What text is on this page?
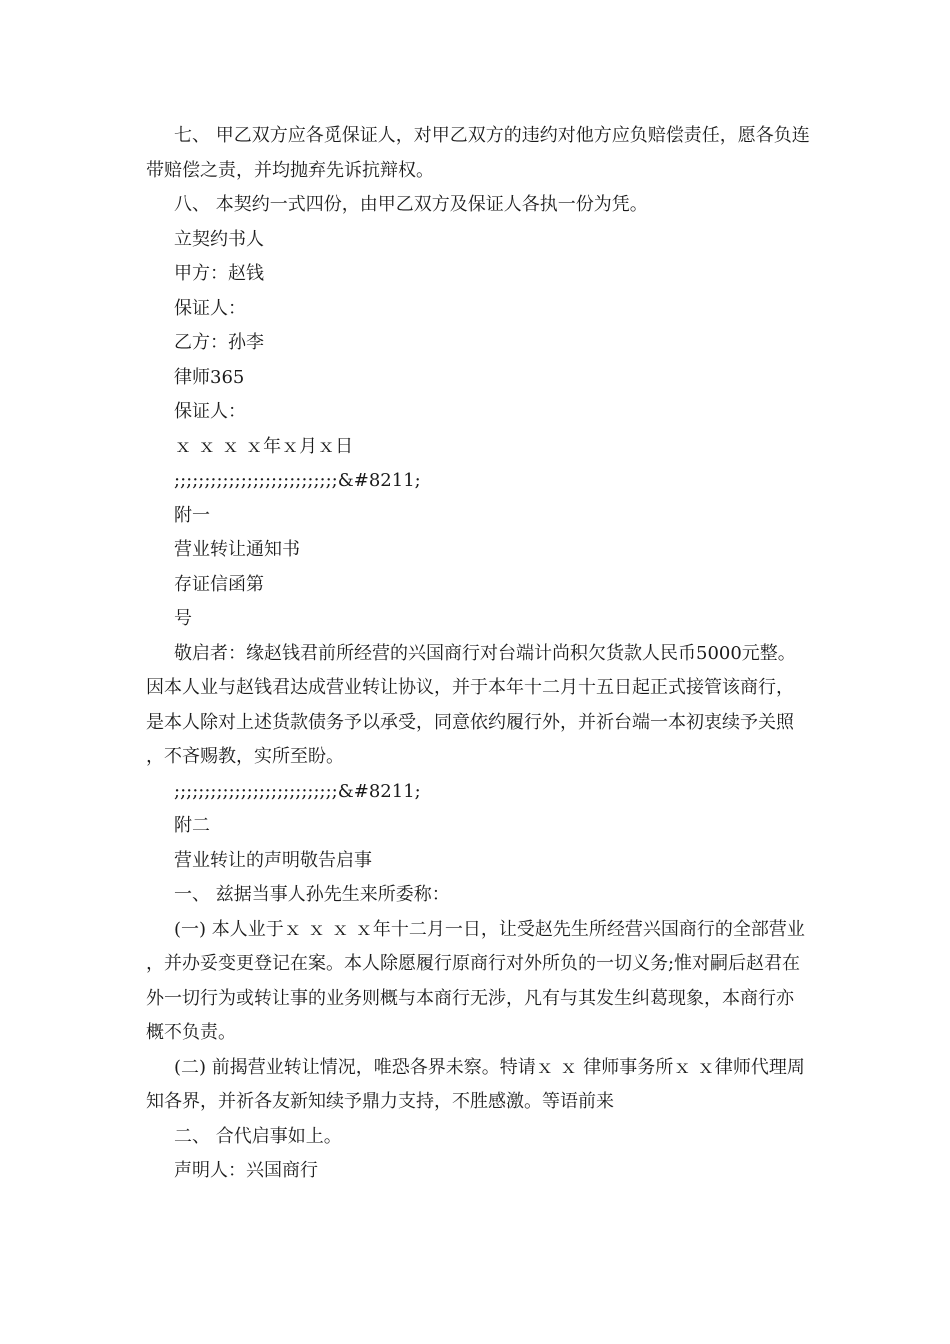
七、 甲乙双方应各觅保证人，对甲乙双方的违约对他方应负赔偿责任，愿各负连带赔偿之责，并均抛弃先诉抗辩权。

八、 本契约一式四份，由甲乙双方及保证人各执一份为凭。

立契约书人

甲方：赵钱

保证人：

乙方：孙李

律师365

保证人：

ｘ ｘ ｘ ｘ年ｘ月ｘ日

;;;;;;;;;;;;;;;;;;;;;;;;;;;&#8211;

附一

营业转让通知书

存证信函第

号

敬启者：缘赵钱君前所经营的兴国商行对台端计尚积欠货款人民币5000元整。因本人业与赵钱君达成营业转让协议，并于本年十二月十五日起正式接管该商行，是本人除对上述货款债务予以承受，同意依约履行外，并祈台端一本初衷续予关照，不吝赐教，实所至盼。

;;;;;;;;;;;;;;;;;;;;;;;;;;;&#8211;

附二

营业转让的声明敬告启事

一、 兹据当事人孙先生来所委称：

(一) 本人业于ｘ ｘ ｘ ｘ年十二月一日，让受赵先生所经营兴国商行的全部营业，并办妥变更登记在案。本人除愿履行原商行对外所负的一切义务;惟对嗣后赵君在外一切行为或转让事的业务则概与本商行无涉，凡有与其发生纠葛现象，本商行亦概不负责。

(二) 前揭营业转让情况，唯恐各界未察。特请ｘ ｘ 律师事务所ｘ ｘ律师代理周知各界，并祈各友新知续予鼎力支持，不胜感激。等语前来

二、 合代启事如上。

声明人：兴国商行
